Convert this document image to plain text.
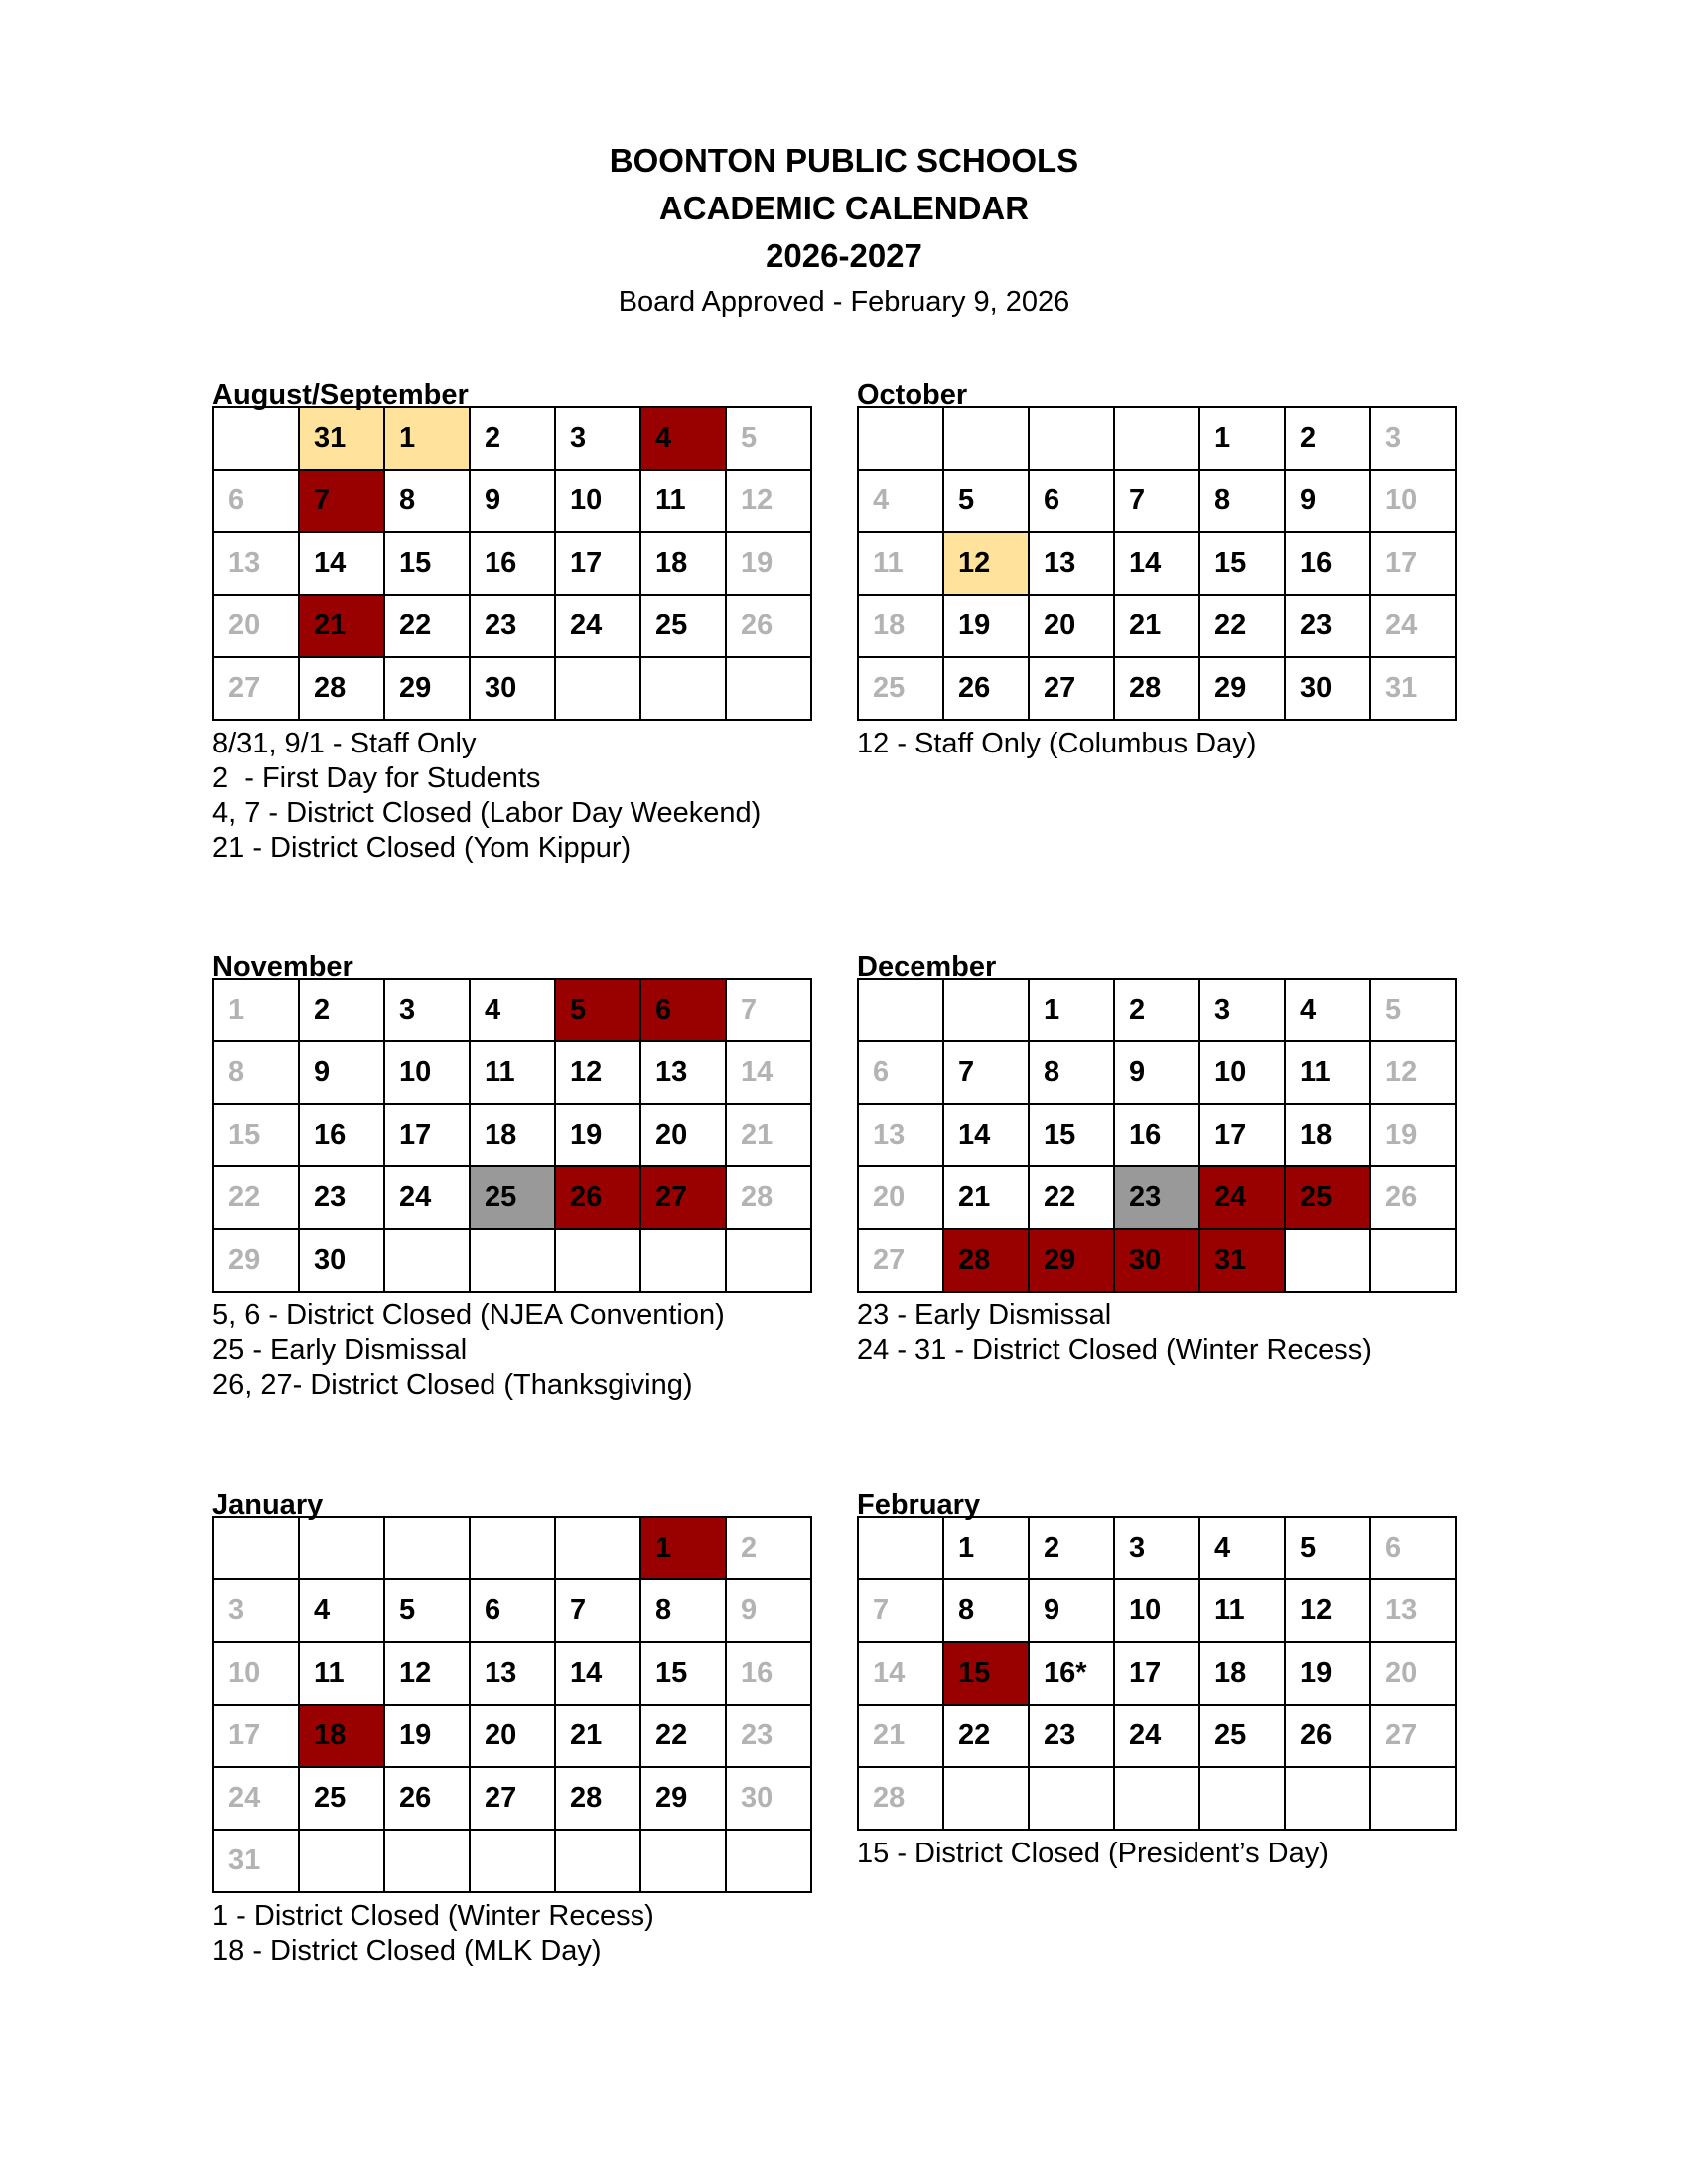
BOONTON PUBLIC SCHOOLS
ACADEMIC CALENDAR
2026-2027
Board Approved - February 9, 2026
August/September
	31	1	2	3	4	5
6	7	8	9	10	11	12
13	14	15	16	17	18	19
20	21	22	23	24	25	26
27	28	29	30			
8/31, 9/1 - Staff Only
2  - First Day for Students
4, 7 - District Closed (Labor Day Weekend)
21 - District Closed (Yom Kippur)
October
				1	2	3
4	5	6	7	8	9	10
11	12	13	14	15	16	17
18	19	20	21	22	23	24
25	26	27	28	29	30	31
12 - Staff Only (Columbus Day)
November
1	2	3	4	5	6	7
8	9	10	11	12	13	14
15	16	17	18	19	20	21
22	23	24	25	26	27	28
29	30					
5, 6 - District Closed (NJEA Convention)
25 - Early Dismissal
26, 27- District Closed (Thanksgiving)
December
		1	2	3	4	5
6	7	8	9	10	11	12
13	14	15	16	17	18	19
20	21	22	23	24	25	26
27	28	29	30	31		
23 - Early Dismissal
24 - 31 - District Closed (Winter Recess)
January
					1	2
3	4	5	6	7	8	9
10	11	12	13	14	15	16
17	18	19	20	21	22	23
24	25	26	27	28	29	30
31						
1 - District Closed (Winter Recess)
18 - District Closed (MLK Day)
February
	1	2	3	4	5	6
7	8	9	10	11	12	13
14	15	16*	17	18	19	20
21	22	23	24	25	26	27
28						
15 - District Closed (President’s Day)
